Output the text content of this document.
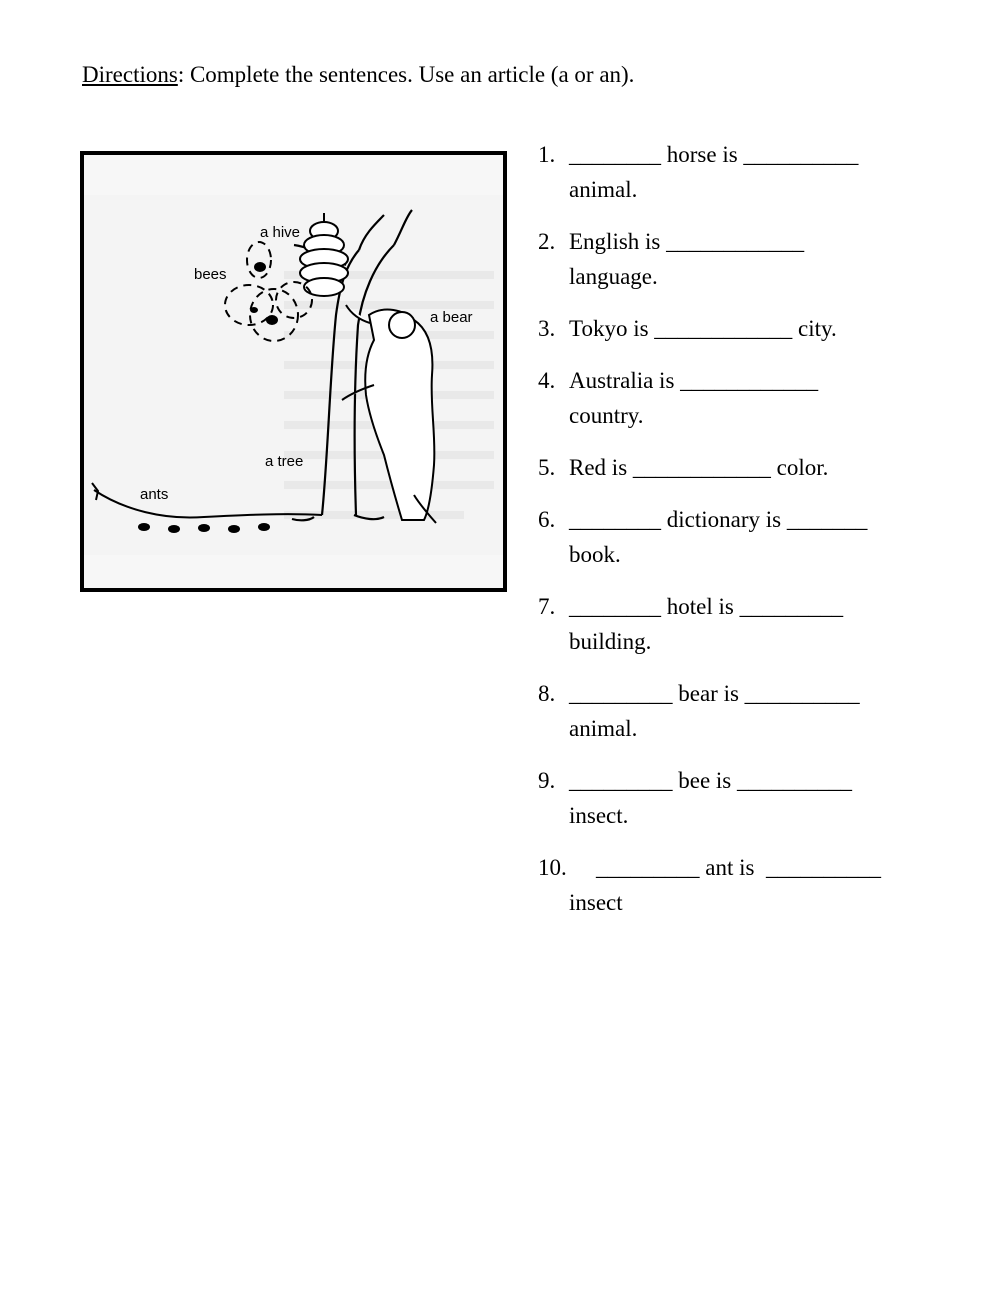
Directions: Complete the sentences. Use an article (a or an).
a hive
bees
a bear
a tree
ants
1. ________ horse is __________
animal.
2. English is ____________
language.
3. Tokyo is ____________ city.
4. Australia is ____________
country.
5. Red is ____________ color.
6. ________ dictionary is _______
book.
7. ________ hotel is _________
building.
8. _________ bear is __________
animal.
9. _________ bee is __________
insect.
10. _________ ant is  __________
insect
